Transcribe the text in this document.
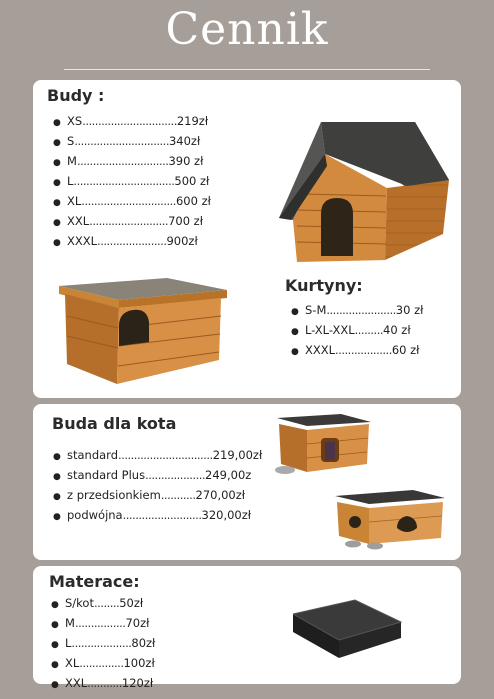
Cennik
Budy :
● XS .............................. 219zł
● S .............................. 340zł
● M ............................. 390 zł
● L ................................ 500 zł
● XL .............................. 600 zł
● XXL ......................... 700 zł
● XXXL ...................... 900zł
Kurtyny:
● S-M ...................... 30 zł
● L-XL-XXL ......... 40 zł
● XXXL .................. 60 zł
Buda dla kota
● standard .............................. 219,00zł
● standard Plus ................... 249,00z
● z przedsionkiem ........... 270,00zł
● podwójna ......................... 320,00zł
Materace:
● S/kot ........ 50zł
● M ................ 70zł
● L ................... 80zł
● XL .............. 100zł
● XXL ........... 120zł
